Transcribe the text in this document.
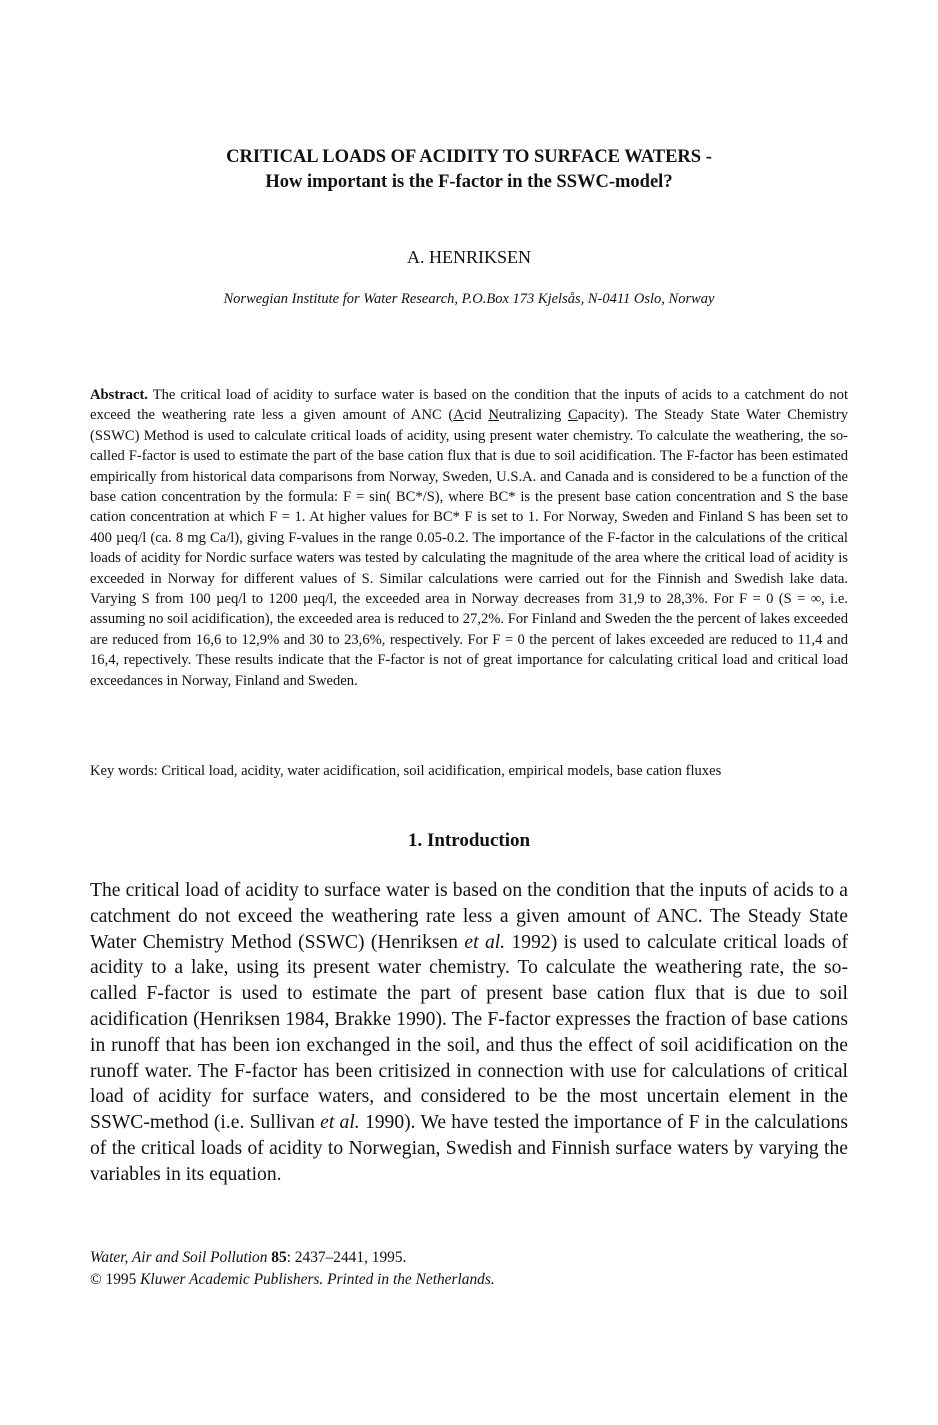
CRITICAL LOADS OF ACIDITY TO SURFACE WATERS -
How important is the F-factor in the SSWC-model?
A. HENRIKSEN
Norwegian Institute for Water Research, P.O.Box 173 Kjelsås, N-0411 Oslo, Norway
Abstract. The critical load of acidity to surface water is based on the condition that the inputs of acids to a catchment do not exceed the weathering rate less a given amount of ANC (Acid Neutralizing Capacity). The Steady State Water Chemistry (SSWC) Method is used to calculate critical loads of acidity, using present water chemistry. To calculate the weathering, the so-called F-factor is used to estimate the part of the base cation flux that is due to soil acidification. The F-factor has been estimated empirically from historical data comparisons from Norway, Sweden, U.S.A. and Canada and is considered to be a function of the base cation concentration by the formula: F = sin( BC*/S), where BC* is the present base cation concentration and S the base cation concentration at which F = 1. At higher values for BC* F is set to 1. For Norway, Sweden and Finland S has been set to 400 µeq/l (ca. 8 mg Ca/l), giving F-values in the range 0.05-0.2. The importance of the F-factor in the calculations of the critical loads of acidity for Nordic surface waters was tested by calculating the magnitude of the area where the critical load of acidity is exceeded in Norway for different values of S. Similar calculations were carried out for the Finnish and Swedish lake data. Varying S from 100 µeq/l to 1200 µeq/l, the exceeded area in Norway decreases from 31,9 to 28,3%. For F = 0 (S = ∞, i.e. assuming no soil acidification), the exceeded area is reduced to 27,2%. For Finland and Sweden the the percent of lakes exceeded are reduced from 16,6 to 12,9% and 30 to 23,6%, respectively. For F = 0 the percent of lakes exceeded are reduced to 11,4 and 16,4, repectively. These results indicate that the F-factor is not of great importance for calculating critical load and critical load exceedances in Norway, Finland and Sweden.
Key words: Critical load, acidity, water acidification, soil acidification, empirical models, base cation fluxes
1. Introduction
The critical load of acidity to surface water is based on the condition that the inputs of acids to a catchment do not exceed the weathering rate less a given amount of ANC. The Steady State Water Chemistry Method (SSWC) (Henriksen et al. 1992) is used to calculate critical loads of acidity to a lake, using its present water chemistry. To calculate the weathering rate, the so-called F-factor is used to estimate the part of present base cation flux that is due to soil acidification (Henriksen 1984, Brakke 1990). The F-factor expresses the fraction of base cations in runoff that has been ion exchanged in the soil, and thus the effect of soil acidification on the runoff water. The F-factor has been critisized in connection with use for calculations of critical load of acidity for surface waters, and considered to be the most uncertain element in the SSWC-method (i.e. Sullivan et al. 1990). We have tested the importance of F in the calculations of the critical loads of acidity to Norwegian, Swedish and Finnish surface waters by varying the variables in its equation.
Water, Air and Soil Pollution 85: 2437–2441, 1995.
© 1995 Kluwer Academic Publishers. Printed in the Netherlands.
